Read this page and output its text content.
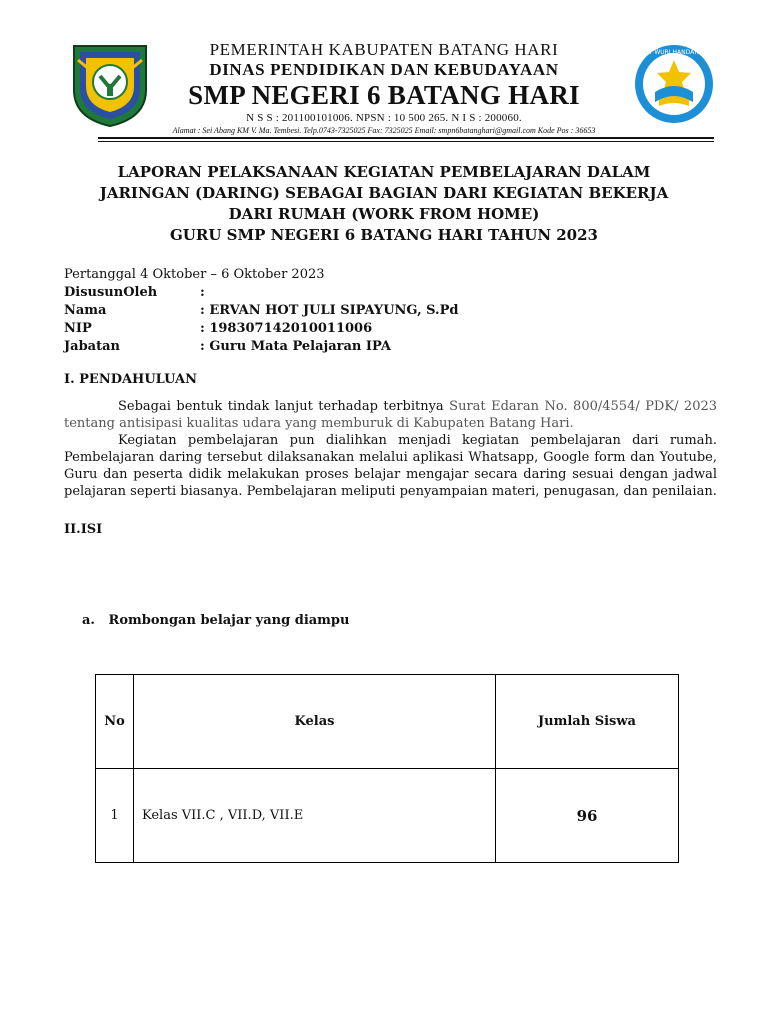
TUT WURI HANDAYANI
PEMERINTAH KABUPATEN BATANG HARI
DINAS PENDIDIKAN DAN KEBUDAYAAN
SMP NEGERI 6 BATANG HARI
N S S : 201100101006. NPSN : 10 500 265. N I S : 200060.
Alamat : Sei Abang KM V. Ma. Tembesi. Telp.0743-7325025 Fax: 7325025 Email: smpn6batanghari@gmail.com Kode Pos : 36653
LAPORAN PELAKSANAAN KEGIATAN PEMBELAJARAN DALAM
JARINGAN (DARING) SEBAGAI BAGIAN DARI KEGIATAN BEKERJA
DARI RUMAH (WORK FROM HOME)
GURU SMP NEGERI 6 BATANG HARI TAHUN 2023
Pertanggal 4 Oktober – 6 Oktober 2023
DisusunOleh	:
Nama	: ERVAN HOT JULI SIPAYUNG, S.Pd
NIP	: 198307142010011006
Jabatan	: Guru Mata Pelajaran IPA
I. PENDAHULUAN

Sebagai bentuk tindak lanjut terhadap terbitnya Surat Edaran No. 800/4554/ PDK/ 2023 tentang antisipasi kualitas udara yang memburuk di Kabupaten Batang Hari.

Kegiatan pembelajaran pun dialihkan menjadi kegiatan pembelajaran dari rumah. Pembelajaran daring tersebut dilaksanakan melalui aplikasi Whatsapp, Google form dan Youtube, Guru dan peserta didik melakukan proses belajar mengajar secara daring sesuai dengan jadwal pelajaran seperti biasanya. Pembelajaran meliputi penyampaian materi, penugasan, dan penilaian.

II.ISI
a.   Rombongan belajar yang diampu
No	Kelas	Jumlah Siswa
1	Kelas VII.C , VII.D, VII.E	96
